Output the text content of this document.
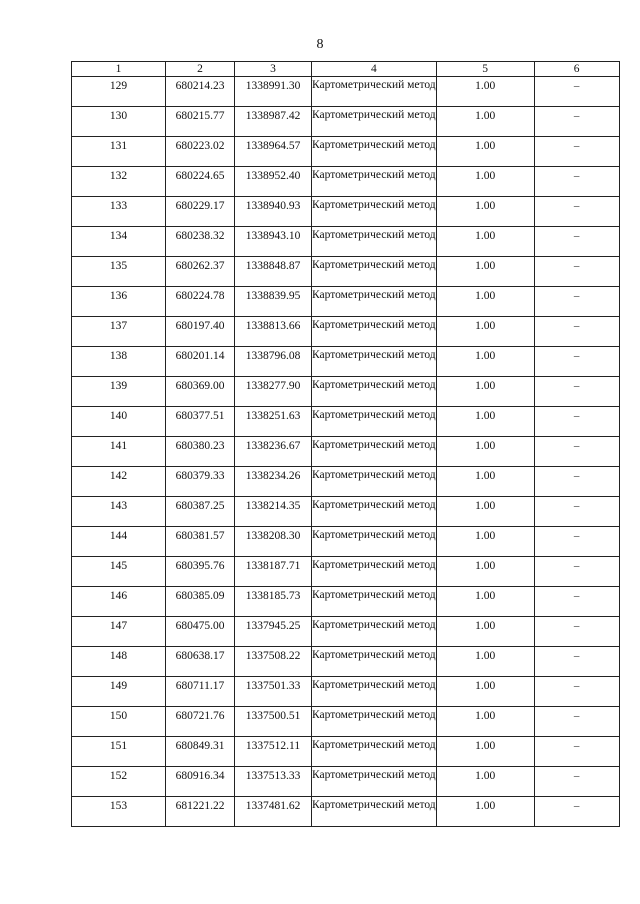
8
1	2	3	4	5	6

129	680214.23	1338991.30	Картометрический метод	1.00	–

130	680215.77	1338987.42	Картометрический метод	1.00	–

131	680223.02	1338964.57	Картометрический метод	1.00	–

132	680224.65	1338952.40	Картометрический метод	1.00	–

133	680229.17	1338940.93	Картометрический метод	1.00	–

134	680238.32	1338943.10	Картометрический метод	1.00	–

135	680262.37	1338848.87	Картометрический метод	1.00	–

136	680224.78	1338839.95	Картометрический метод	1.00	–

137	680197.40	1338813.66	Картометрический метод	1.00	–

138	680201.14	1338796.08	Картометрический метод	1.00	–

139	680369.00	1338277.90	Картометрический метод	1.00	–

140	680377.51	1338251.63	Картометрический метод	1.00	–

141	680380.23	1338236.67	Картометрический метод	1.00	–

142	680379.33	1338234.26	Картометрический метод	1.00	–

143	680387.25	1338214.35	Картометрический метод	1.00	–

144	680381.57	1338208.30	Картометрический метод	1.00	–

145	680395.76	1338187.71	Картометрический метод	1.00	–

146	680385.09	1338185.73	Картометрический метод	1.00	–

147	680475.00	1337945.25	Картометрический метод	1.00	–

148	680638.17	1337508.22	Картометрический метод	1.00	–

149	680711.17	1337501.33	Картометрический метод	1.00	–

150	680721.76	1337500.51	Картометрический метод	1.00	–

151	680849.31	1337512.11	Картометрический метод	1.00	–

152	680916.34	1337513.33	Картометрический метод	1.00	–

153	681221.22	1337481.62	Картометрический метод	1.00	–
